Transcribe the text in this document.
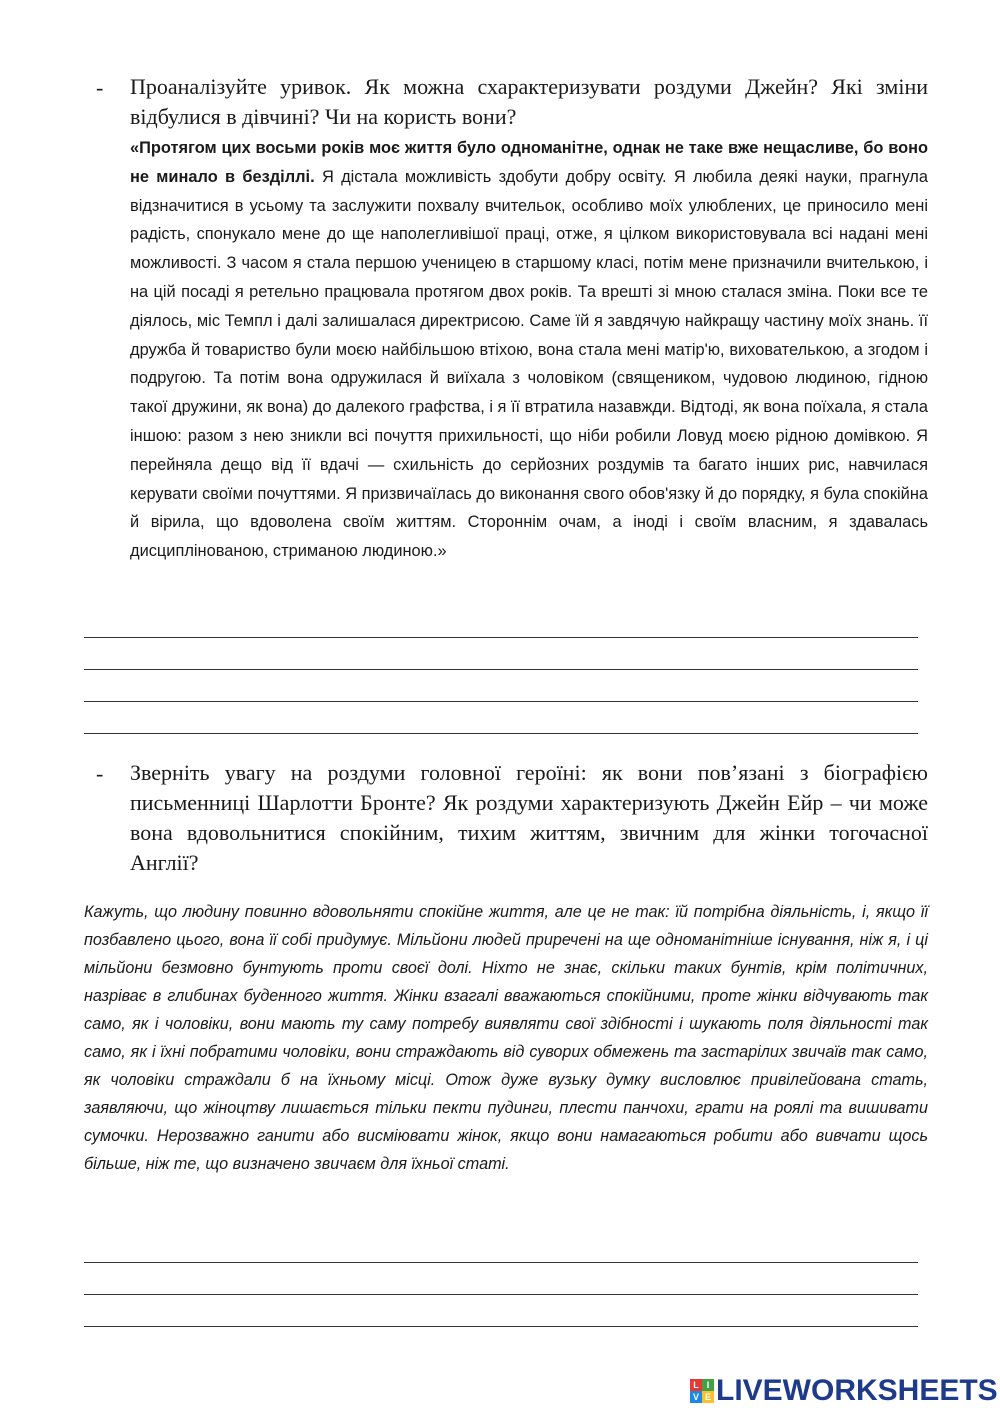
- Проаналізуйте уривок. Як можна схарактеризувати роздуми Джейн? Які зміни відбулися в дівчині? Чи на користь вони?

«Протягом цих восьми років моє життя було одноманітне, однак не таке вже нещасливе, бо воно не минало в безділлі. Я дістала можливість здобути добру освіту. Я любила деякі науки, прагнула відзначитися в усьому та заслужити похвалу вчительок, особливо моїх улюблених, це приносило мені радість, спонукало мене до ще наполегливішої праці, отже, я цілком використовувала всі надані мені можливості. З часом я стала першою ученицею в старшому класі, потім мене призначили вчителькою, і на цій посаді я ретельно працювала протягом двох років. Та врешті зі мною сталася зміна. Поки все те діялось, міс Темпл і далі залишалася директрисою. Саме їй я завдячую найкращу частину моїх знань. її дружба й товариство були моєю найбільшою втіхою, вона стала мені матір'ю, вихователькою, а згодом і подругою. Та потім вона одружилася й виїхала з чоловіком (священиком, чудовою людиною, гідною такої дружини, як вона) до далекого графства, і я її втратила назавжди. Відтоді, як вона поїхала, я стала іншою: разом з нею зникли всі почуття прихильності, що ніби робили Ловуд моєю рідною домівкою. Я перейняла дещо від її вдачі — схильність до серйозних роздумів та багато інших рис, навчилася керувати своїми почуттями. Я призвичаїлась до виконання свого обов'язку й до порядку, я була спокійна й вірила, що вдоволена своїм життям. Стороннім очам, а іноді і своїм власним, я здавалась дисциплінованою, стриманою людиною.»

- Зверніть увагу на роздуми головної героїні: як вони пов’язані з біографією письменниці Шарлотти Бронте? Як роздуми характеризують Джейн Ейр – чи може вона вдовольнитися спокійним, тихим життям, звичним для жінки тогочасної Англії?

Кажуть, що людину повинно вдовольняти спокійне життя, але це не так: їй потрібна діяльність, і, якщо її позбавлено цього, вона її собі придумує. Мільйони людей приречені на ще одноманітніше існування, ніж я, і ці мільйони безмовно бунтують проти своєї долі. Ніхто не знає, скільки таких бунтів, крім політичних, назріває в глибинах буденного життя. Жінки взагалі вважаються спокійними, проте жінки відчувають так само, як і чоловіки, вони мають ту саму потребу виявляти свої здібності і шукають поля діяльності так само, як і їхні побратими чоловіки, вони страждають від суворих обмежень та застарілих звичаїв так само, як чоловіки страждали б на їхньому місці. Отож дуже вузьку думку висловлює привілейована стать, заявляючи, що жіноцтву лишається тільки пекти пудинги, плести панчохи, грати на роялі та вишивати сумочки. Нерозважно ганити або висміювати жінок, якщо вони намагаються робити або вивчати щось більше, ніж те, що визначено звичаєм для їхньої статі.

L I
V E LIVEWORKSHEETS
